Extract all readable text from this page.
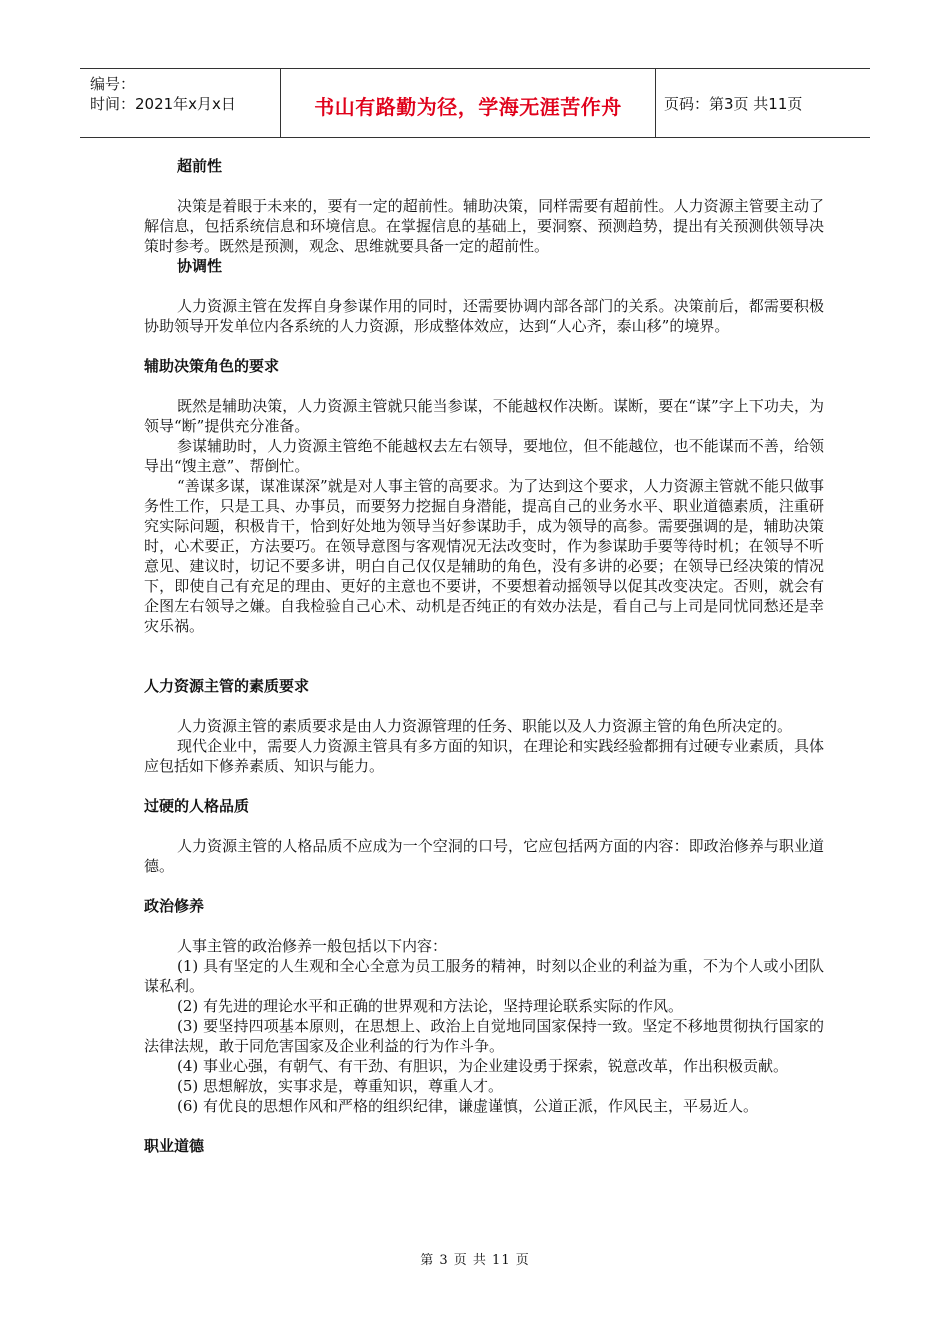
编号：
时间：2021年x月x日	书山有路勤为径，学海无涯苦作舟	页码：第3页 共11页

超前性

决策是着眼于未来的，要有一定的超前性。辅助决策，同样需要有超前性。人力资源主管要主动了解信息，包括系统信息和环境信息。在掌握信息的基础上，要洞察、预测趋势，提出有关预测供领导决策时参考。既然是预测，观念、思维就要具备一定的超前性。

协调性

人力资源主管在发挥自身参谋作用的同时，还需要协调内部各部门的关系。决策前后，都需要积极协助领导开发单位内各系统的人力资源，形成整体效应，达到“人心齐，泰山移”的境界。

辅助决策角色的要求

既然是辅助决策，人力资源主管就只能当参谋，不能越权作决断。谋断，要在“谋”字上下功夫，为领导“断”提供充分准备。

参谋辅助时，人力资源主管绝不能越权去左右领导，要地位，但不能越位，也不能谋而不善，给领导出“馊主意”、帮倒忙。

“善谋多谋，谋准谋深”就是对人事主管的高要求。为了达到这个要求，人力资源主管就不能只做事务性工作，只是工具、办事员，而要努力挖掘自身潜能，提高自己的业务水平、职业道德素质，注重研究实际问题，积极肯干，恰到好处地为领导当好参谋助手，成为领导的高参。需要强调的是，辅助决策时，心术要正，方法要巧。在领导意图与客观情况无法改变时，作为参谋助手要等待时机；在领导不听意见、建议时，切记不要多讲，明白自己仅仅是辅助的角色，没有多讲的必要；在领导已经决策的情况下，即使自己有充足的理由、更好的主意也不要讲，不要想着动摇领导以促其改变决定。否则，就会有企图左右领导之嫌。自我检验自己心术、动机是否纯正的有效办法是，看自己与上司是同忧同愁还是幸灾乐祸。

人力资源主管的素质要求

人力资源主管的素质要求是由人力资源管理的任务、职能以及人力资源主管的角色所决定的。

现代企业中，需要人力资源主管具有多方面的知识，在理论和实践经验都拥有过硬专业素质，具体应包括如下修养素质、知识与能力。

过硬的人格品质

人力资源主管的人格品质不应成为一个空洞的口号，它应包括两方面的内容：即政治修养与职业道德。

政治修养

人事主管的政治修养一般包括以下内容：

(1) 具有坚定的人生观和全心全意为员工服务的精神，时刻以企业的利益为重，不为个人或小团队谋私利。

(2) 有先进的理论水平和正确的世界观和方法论，坚持理论联系实际的作风。

(3) 要坚持四项基本原则，在思想上、政治上自觉地同国家保持一致。坚定不移地贯彻执行国家的法律法规，敢于同危害国家及企业利益的行为作斗争。

(4) 事业心强，有朝气、有干劲、有胆识，为企业建设勇于探索，锐意改革，作出积极贡献。

(5) 思想解放，实事求是，尊重知识，尊重人才。

(6) 有优良的思想作风和严格的组织纪律，谦虚谨慎，公道正派，作风民主，平易近人。

职业道德

第 3 页 共 11 页
